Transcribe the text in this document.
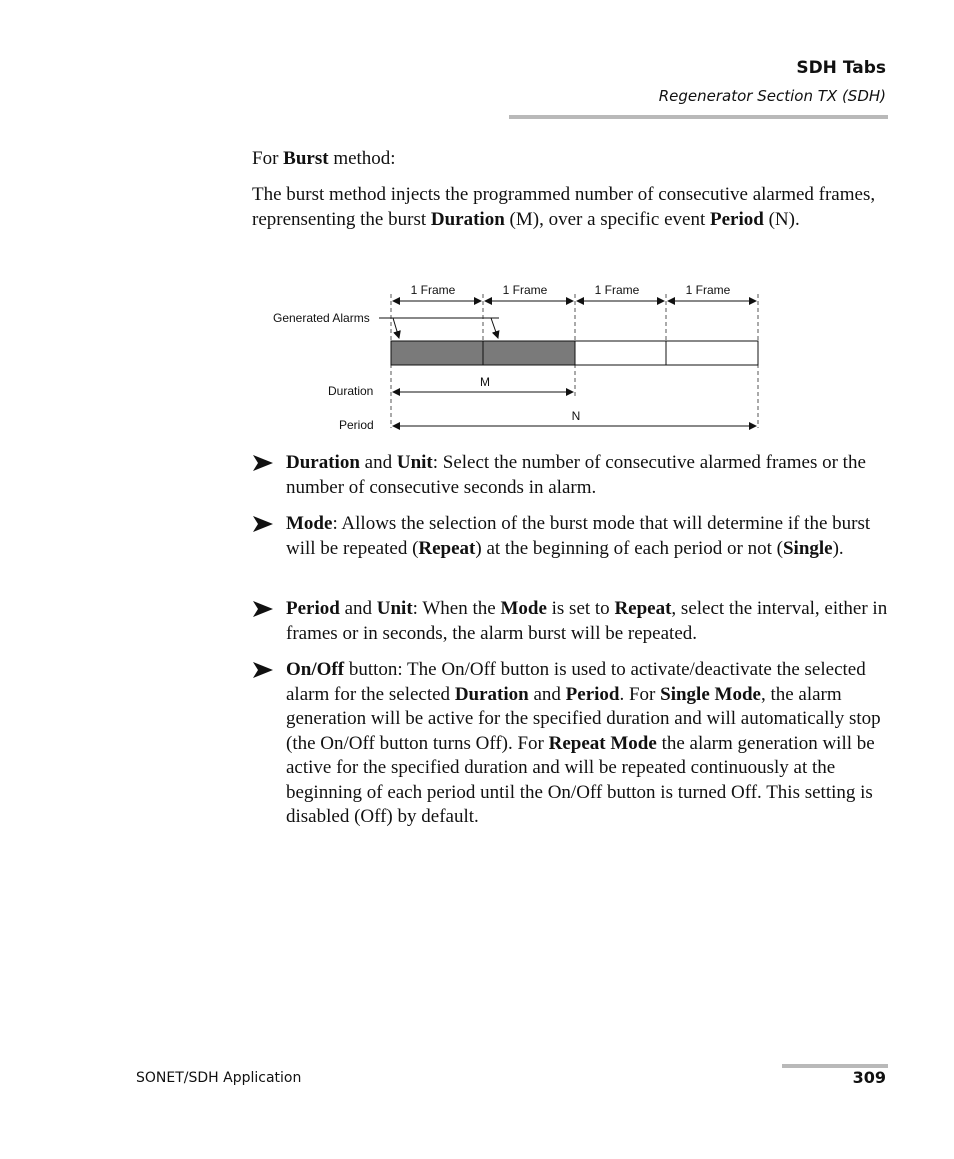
SDH Tabs
Regenerator Section TX (SDH)

For Burst method:

The burst method injects the programmed number of consecutive alarmed frames, reprensenting the burst Duration (M), over a specific event Period (N).

1 Frame	1 Frame	1 Frame	1 Frame
Generated Alarms
Duration
M
Period
N
Duration and Unit: Select the number of consecutive alarmed frames or the number of consecutive seconds in alarm.
Mode: Allows the selection of the burst mode that will determine if the burst will be repeated (Repeat) at the beginning of each period or not (Single).
Period and Unit: When the Mode is set to Repeat, select the interval, either in frames or in seconds, the alarm burst will be repeated.
On/Off button: The On/Off button is used to activate/deactivate the selected alarm for the selected Duration and Period. For Single Mode, the alarm generation will be active for the specified duration and will automatically stop (the On/Off button turns Off). For Repeat Mode the alarm generation will be active for the specified duration and will be repeated continuously at the beginning of each period until the On/Off button is turned Off. This setting is disabled (Off) by default.
SONET/SDH Application	309
